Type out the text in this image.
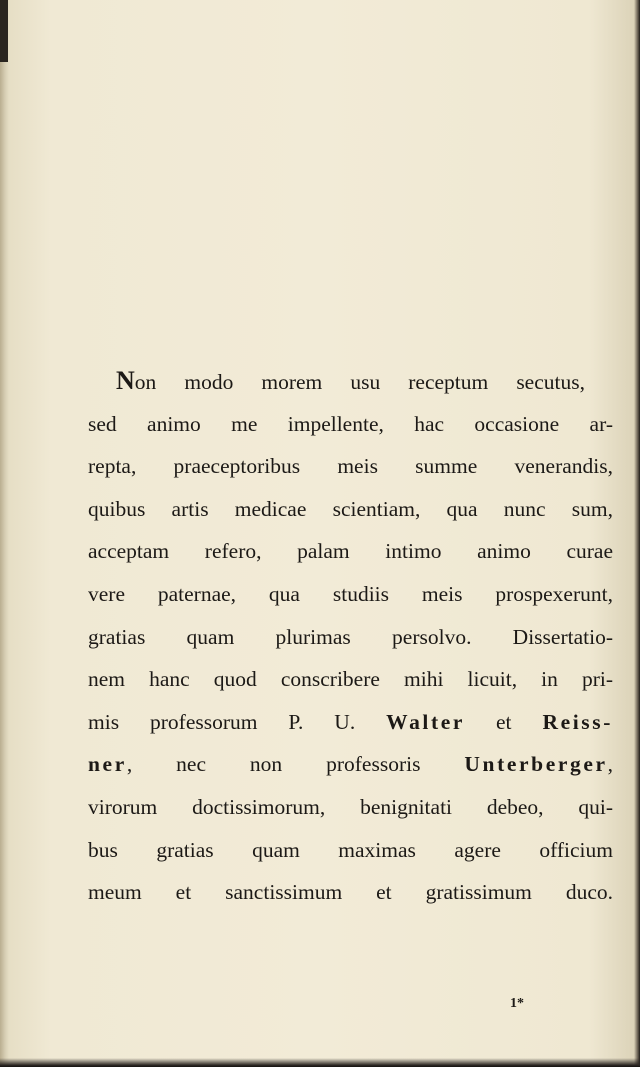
Non modo morem usu receptum secutus,
sed animo me impellente, hac occasione ar-
repta, praeceptoribus meis summe venerandis,
quibus artis medicae scientiam, qua nunc sum,
acceptam refero, palam intimo animo curae
vere paternae, qua studiis meis prospexerunt,
gratias quam plurimas persolvo. Dissertatio-
nem hanc quod conscribere mihi licuit, in pri-
mis professorum P. U. Walter et Reiss-
ner, nec non professoris Unterberger,
virorum doctissimorum, benignitati debeo, qui-
bus gratias quam maximas agere officium
meum et sanctissimum et gratissimum duco.
1*
